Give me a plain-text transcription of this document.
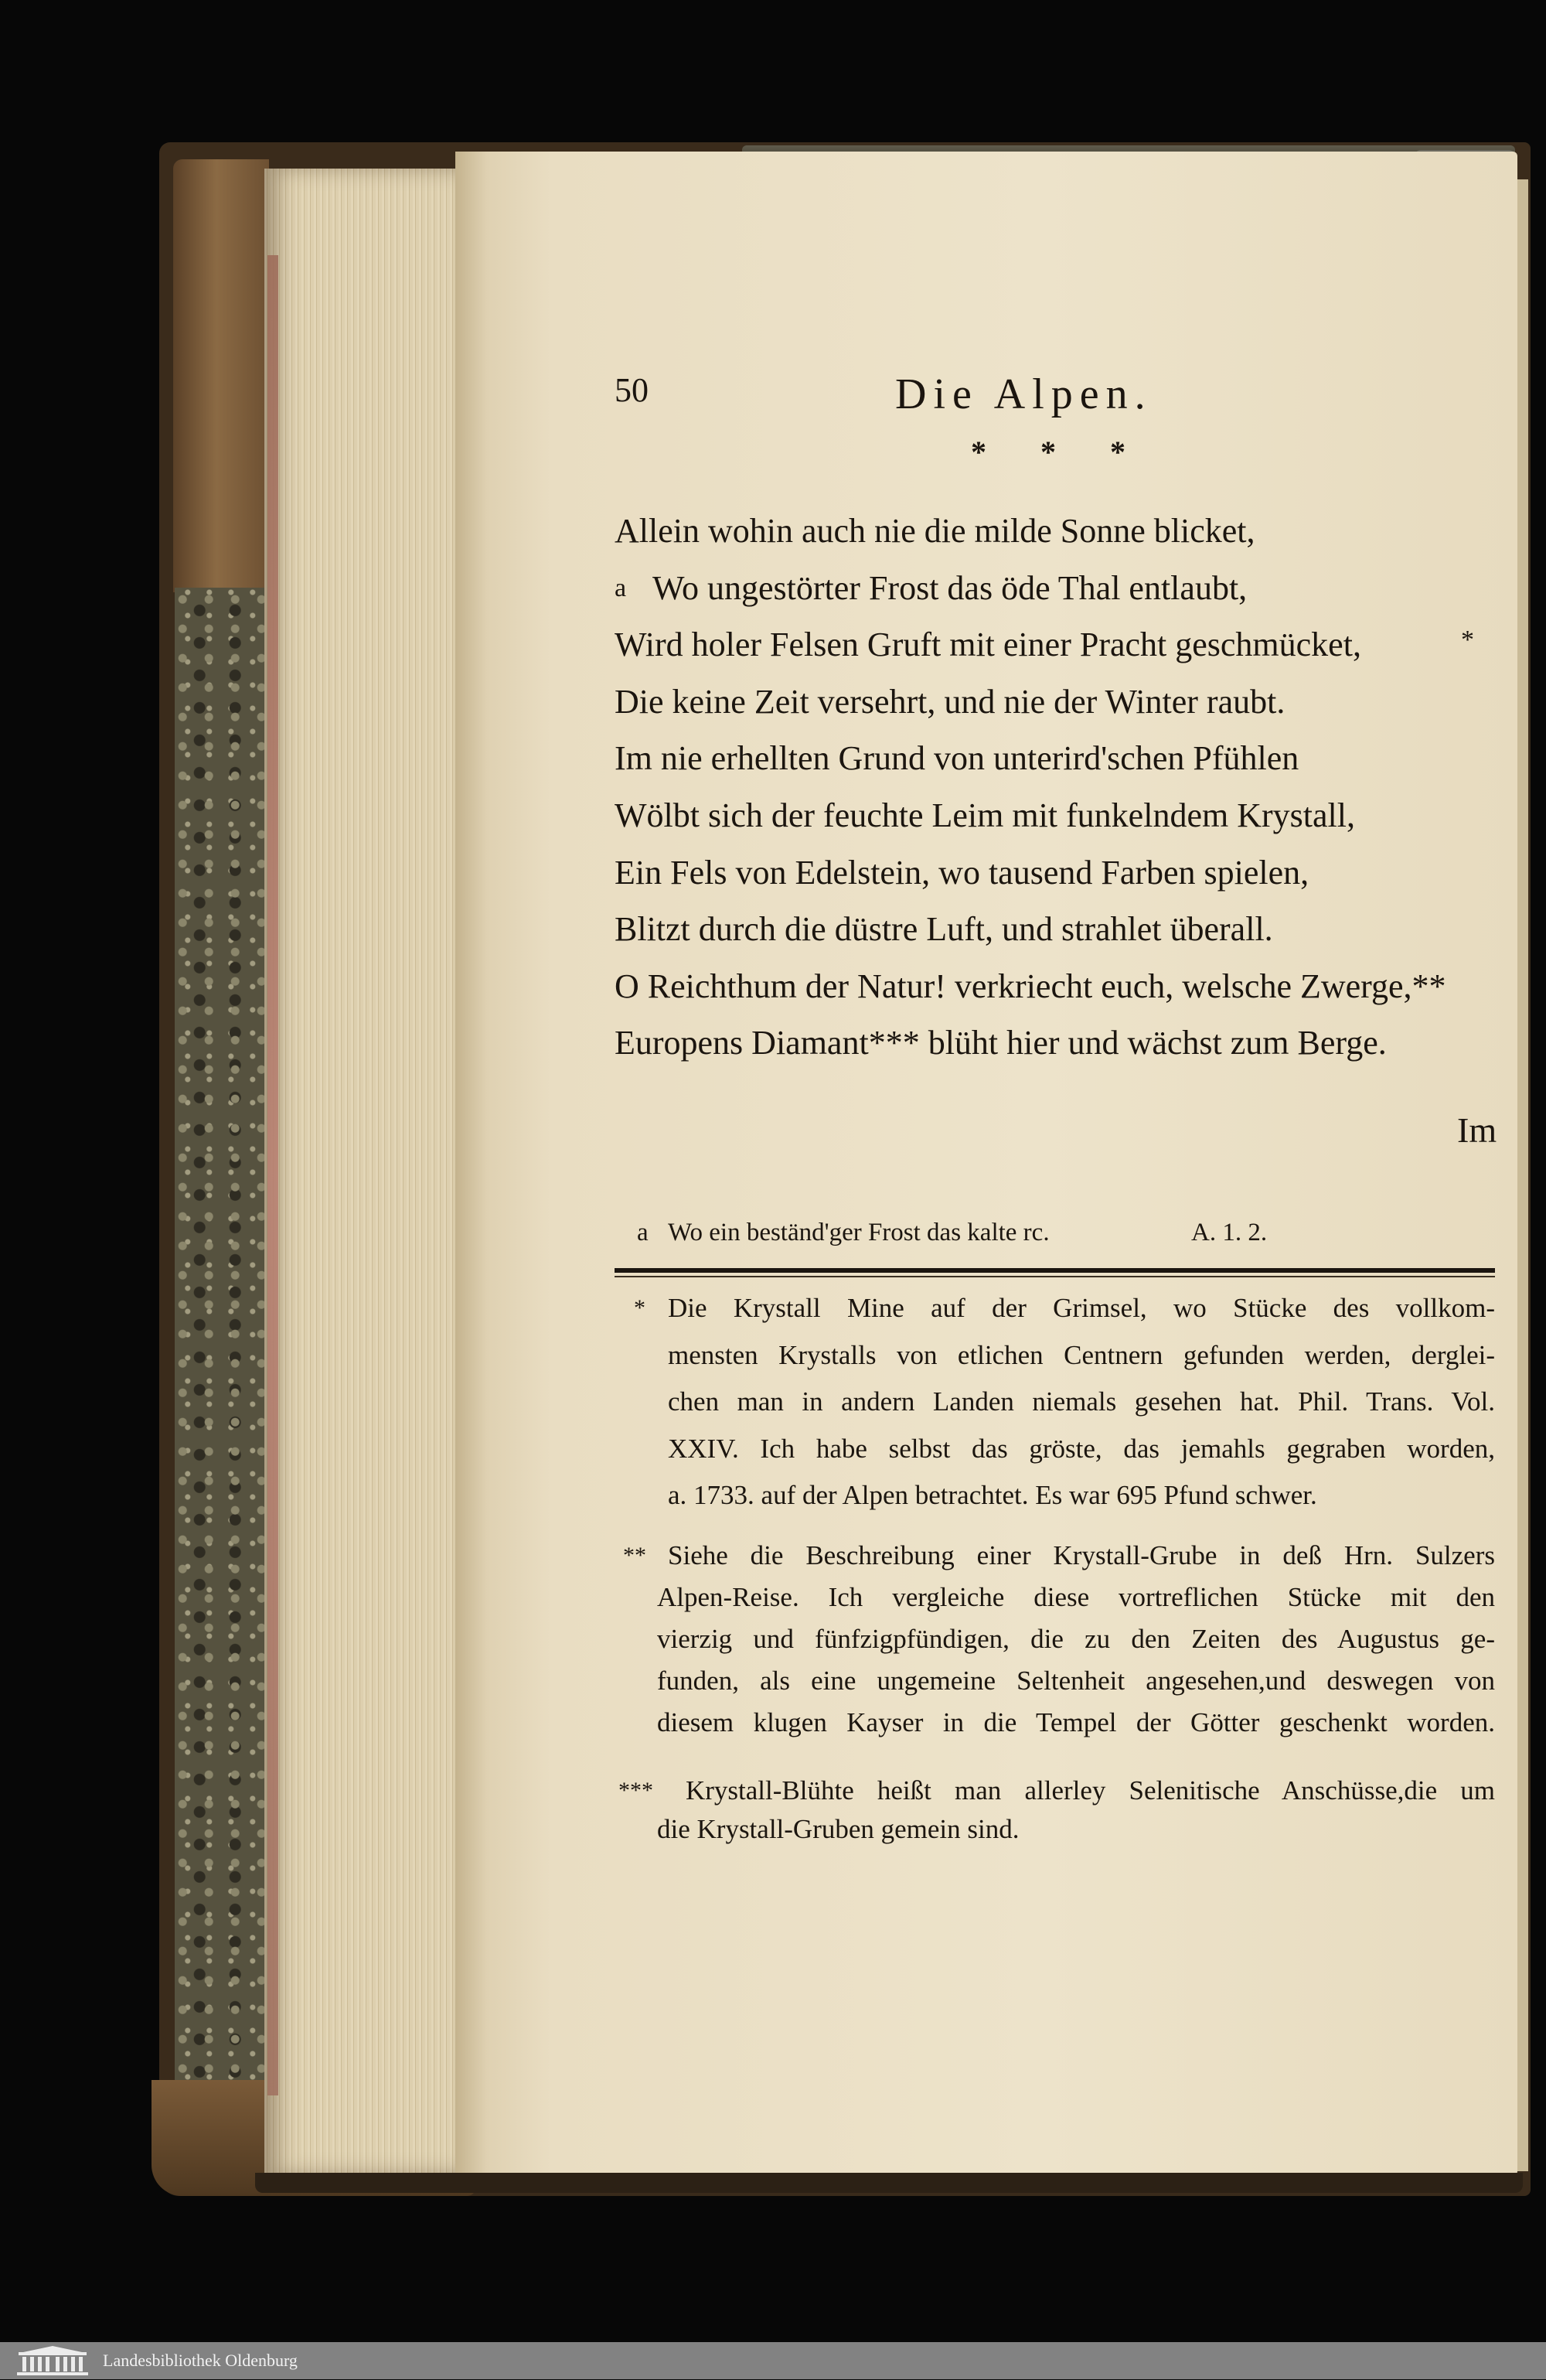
50	Die Alpen.
* * *
Allein wohin auch nie die milde Sonne blicket,
a Wo ungestörter Frost das öde Thal entlaubt,
Wird holer Felsen Gruft mit einer Pracht geschmücket,	*
Die keine Zeit versehrt, und nie der Winter raubt.
Im nie erhellten Grund von unterird'schen Pfühlen
Wölbt sich der feuchte Leim mit funkelndem Krystall,
Ein Fels von Edelstein, wo tausend Farben spielen,
Blitzt durch die düstre Luft, und strahlet überall.
O Reichthum der Natur! verkriecht euch, welsche Zwerge,**
Europens Diamant*** blüht hier und wächst zum Berge.
Im
a Wo ein beständ'ger Frost das kalte rc.	A. 1. 2.
* Die Krystall Mine auf der Grimsel, wo Stücke des vollkom-
mensten Krystalls von etlichen Centnern gefunden werden, derglei-
chen man in andern Landen niemals gesehen hat. Phil. Trans. Vol.
XXIV. Ich habe selbst das gröste, das jemahls gegraben worden,
a. 1733. auf der Alpen betrachtet. Es war 695 Pfund schwer.
** Siehe die Beschreibung einer Krystall-Grube in deß Hrn. Sulzers
Alpen-Reise. Ich vergleiche diese vortreflichen Stücke mit den
vierzig und fünfzigpfündigen, die zu den Zeiten des Augustus ge-
funden, als eine ungemeine Seltenheit angesehen,und deswegen von
diesem klugen Kayser in die Tempel der Götter geschenkt worden.
*** Krystall-Blühte heißt man allerley Selenitische Anschüsse,die um
die Krystall-Gruben gemein sind.
Landesbibliothek Oldenburg
